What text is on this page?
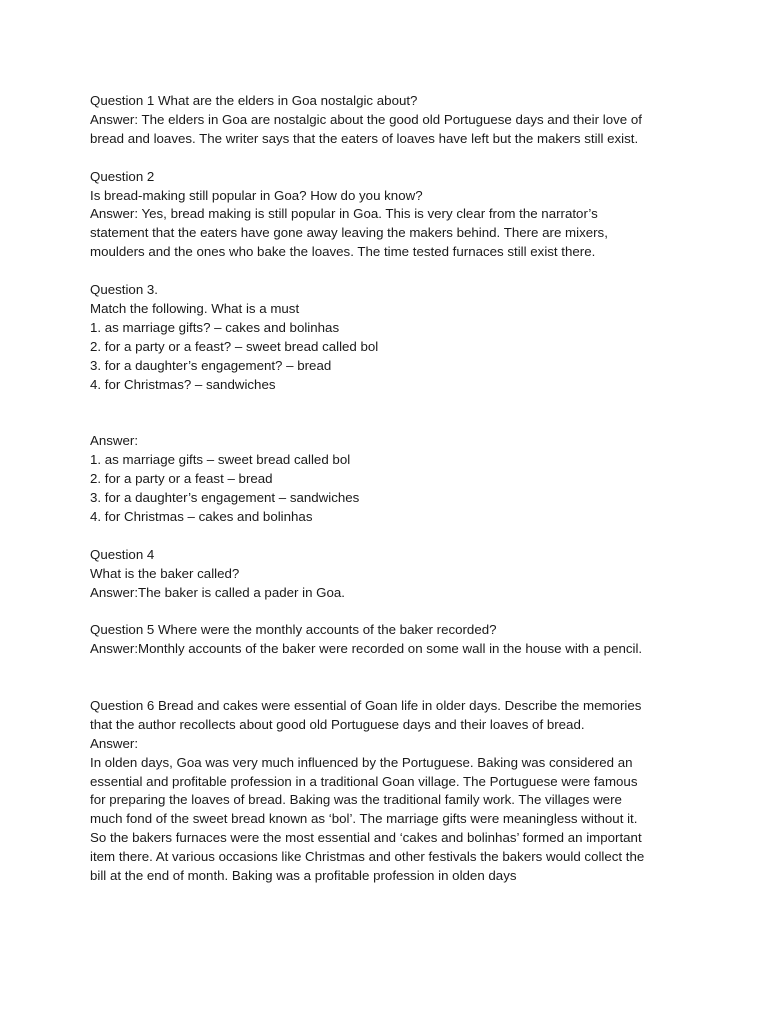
Question 1 What are the elders in Goa nostalgic about?
Answer: The elders in Goa are nostalgic about the good old Portuguese days and their love of
bread and loaves. The writer says that the eaters of loaves have left but the makers still exist.
Question 2
Is bread-making still popular in Goa? How do you know?
Answer: Yes, bread making is still popular in Goa. This is very clear from the narrator’s
statement that the eaters have gone away leaving the makers behind. There are mixers,
moulders and the ones who bake the loaves. The time tested furnaces still exist there.
Question 3.
Match the following. What is a must
1. as marriage gifts? – cakes and bolinhas
2. for a party or a feast? – sweet bread called bol
3. for a daughter’s engagement? – bread
4. for Christmas? – sandwiches
Answer:
1. as marriage gifts – sweet bread called bol
2. for a party or a feast – bread
3. for a daughter’s engagement – sandwiches
4. for Christmas – cakes and bolinhas
Question 4
What is the baker called?
Answer:The baker is called a pader in Goa.
Question 5 Where were the monthly accounts of the baker recorded?
Answer:Monthly accounts of the baker were recorded on some wall in the house with a pencil.
Question 6 Bread and cakes were essential of Goan life in older days. Describe the memories
that the author recollects about good old Portuguese days and their loaves of bread.
Answer:
In olden days, Goa was very much influenced by the Portuguese. Baking was considered an
essential and profitable profession in a traditional Goan village. The Portuguese were famous
for preparing the loaves of bread. Baking was the traditional family work. The villages were
much fond of the sweet bread known as ‘bol’. The marriage gifts were meaningless without it.
So the bakers furnaces were the most essential and ‘cakes and bolinhas’ formed an important
item there. At various occasions like Christmas and other festivals the bakers would collect the
bill at the end of month. Baking was a profitable profession in olden days
